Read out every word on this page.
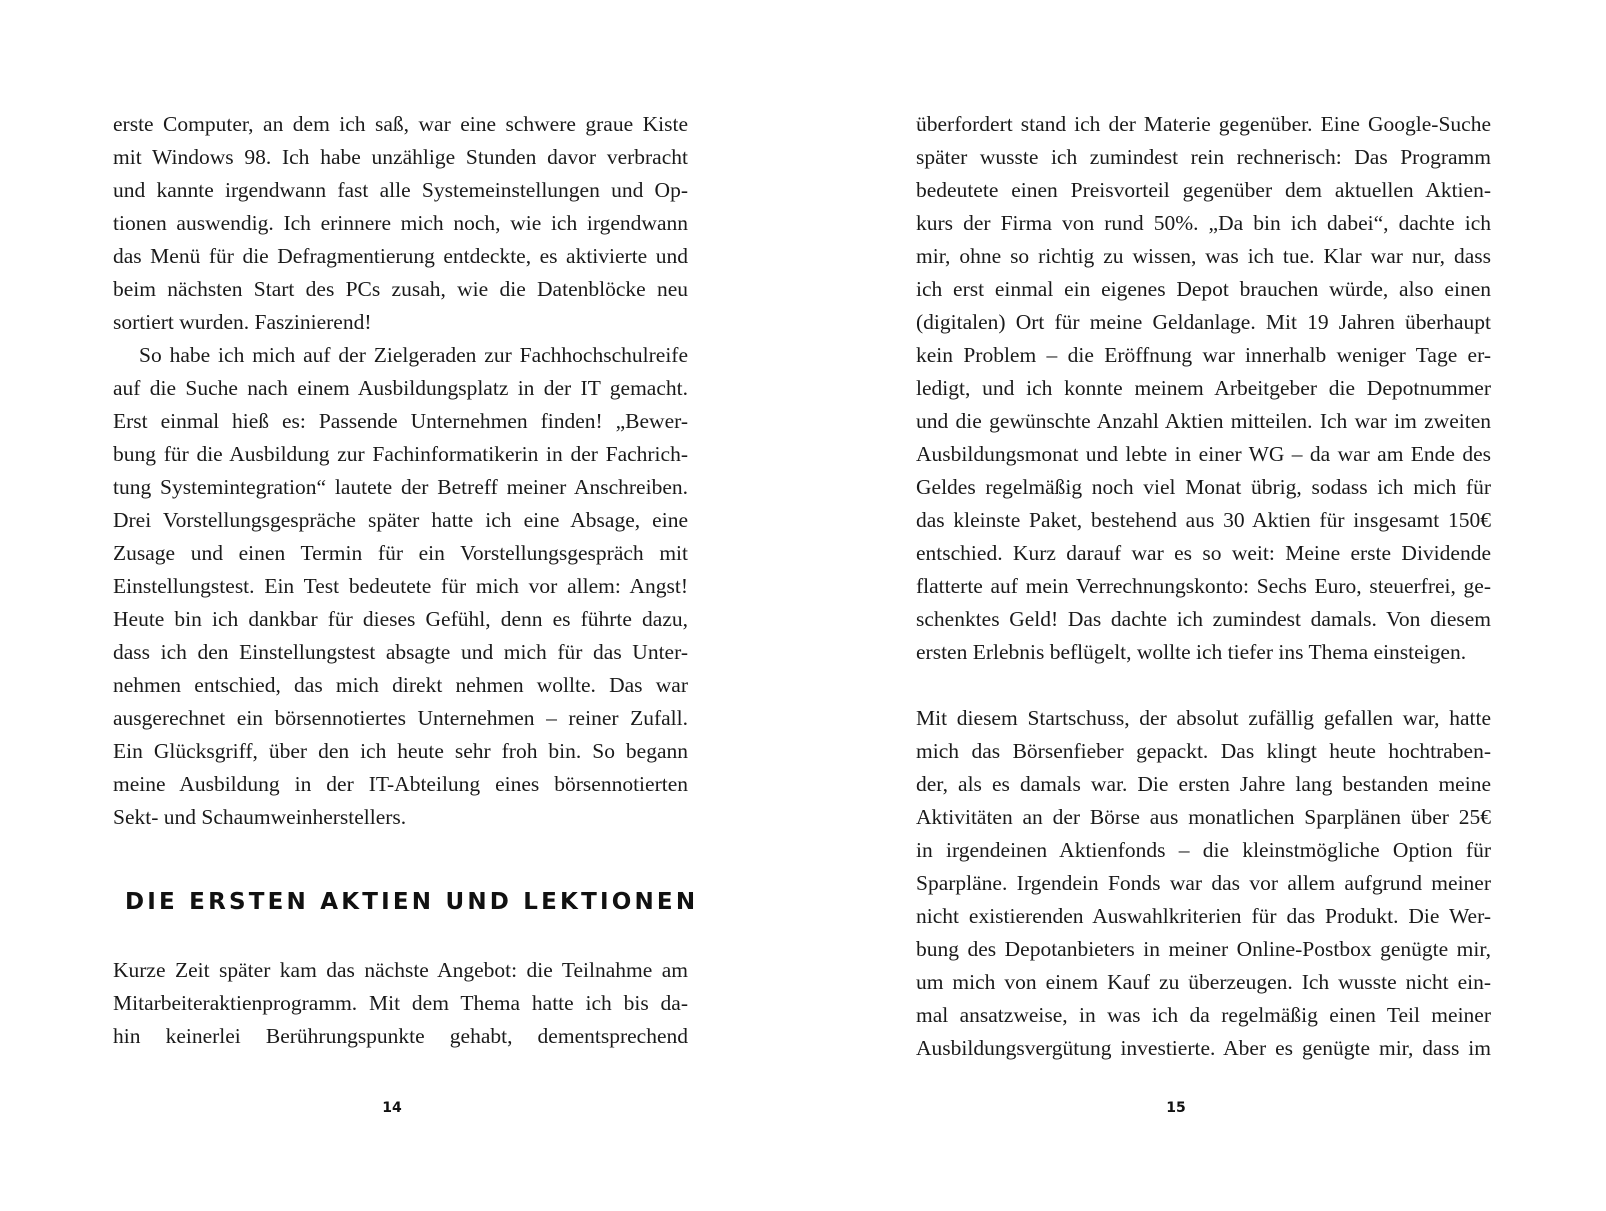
erste Computer, an dem ich saß, war eine schwere graue Kiste
mit Windows 98. Ich habe unzählige Stunden davor verbracht
und kannte irgendwann fast alle Systemeinstellungen und Op-
tionen auswendig. Ich erinnere mich noch, wie ich irgendwann
das Menü für die Defragmentierung entdeckte, es aktivierte und
beim nächsten Start des PCs zusah, wie die Datenblöcke neu
sortiert wurden. Faszinierend!
So habe ich mich auf der Zielgeraden zur Fachhochschulreife
auf die Suche nach einem Ausbildungsplatz in der IT gemacht.
Erst einmal hieß es: Passende Unternehmen finden! „Bewer-
bung für die Ausbildung zur Fachinformatikerin in der Fachrich-
tung Systemintegration“ lautete der Betreff meiner Anschreiben.
Drei Vorstellungsgespräche später hatte ich eine Absage, eine
Zusage und einen Termin für ein Vorstellungsgespräch mit
Einstellungstest. Ein Test bedeutete für mich vor allem: Angst!
Heute bin ich dankbar für dieses Gefühl, denn es führte dazu,
dass ich den Einstellungstest absagte und mich für das Unter-
nehmen entschied, das mich direkt nehmen wollte. Das war
ausgerechnet ein börsennotiertes Unternehmen – reiner Zufall.
Ein Glücksgriff, über den ich heute sehr froh bin. So begann
meine Ausbildung in der IT-Abteilung eines börsennotierten
Sekt- und Schaumweinherstellers.
DIE ERSTEN AKTIEN UND LEKTIONEN
Kurze Zeit später kam das nächste Angebot: die Teilnahme am
Mitarbeiteraktienprogramm. Mit dem Thema hatte ich bis da-
hin keinerlei Berührungspunkte gehabt, dementsprechend
14
überfordert stand ich der Materie gegenüber. Eine Google-Suche
später wusste ich zumindest rein rechnerisch: Das Programm
bedeutete einen Preisvorteil gegenüber dem aktuellen Aktien-
kurs der Firma von rund 50%. „Da bin ich dabei“, dachte ich
mir, ohne so richtig zu wissen, was ich tue. Klar war nur, dass
ich erst einmal ein eigenes Depot brauchen würde, also einen
(digitalen) Ort für meine Geldanlage. Mit 19 Jahren überhaupt
kein Problem – die Eröffnung war innerhalb weniger Tage er-
ledigt, und ich konnte meinem Arbeitgeber die Depotnummer
und die gewünschte Anzahl Aktien mitteilen. Ich war im zweiten
Ausbildungsmonat und lebte in einer WG – da war am Ende des
Geldes regelmäßig noch viel Monat übrig, sodass ich mich für
das kleinste Paket, bestehend aus 30 Aktien für insgesamt 150€
entschied. Kurz darauf war es so weit: Meine erste Dividende
flatterte auf mein Verrechnungskonto: Sechs Euro, steuerfrei, ge-
schenktes Geld! Das dachte ich zumindest damals. Von diesem
ersten Erlebnis beflügelt, wollte ich tiefer ins Thema einsteigen.
Mit diesem Startschuss, der absolut zufällig gefallen war, hatte
mich das Börsenfieber gepackt. Das klingt heute hochtraben-
der, als es damals war. Die ersten Jahre lang bestanden meine
Aktivitäten an der Börse aus monatlichen Sparplänen über 25€
in irgendeinen Aktienfonds – die kleinstmögliche Option für
Sparpläne. Irgendein Fonds war das vor allem aufgrund meiner
nicht existierenden Auswahlkriterien für das Produkt. Die Wer-
bung des Depotanbieters in meiner Online-Postbox genügte mir,
um mich von einem Kauf zu überzeugen. Ich wusste nicht ein-
mal ansatzweise, in was ich da regelmäßig einen Teil meiner
Ausbildungsvergütung investierte. Aber es genügte mir, dass im
15
